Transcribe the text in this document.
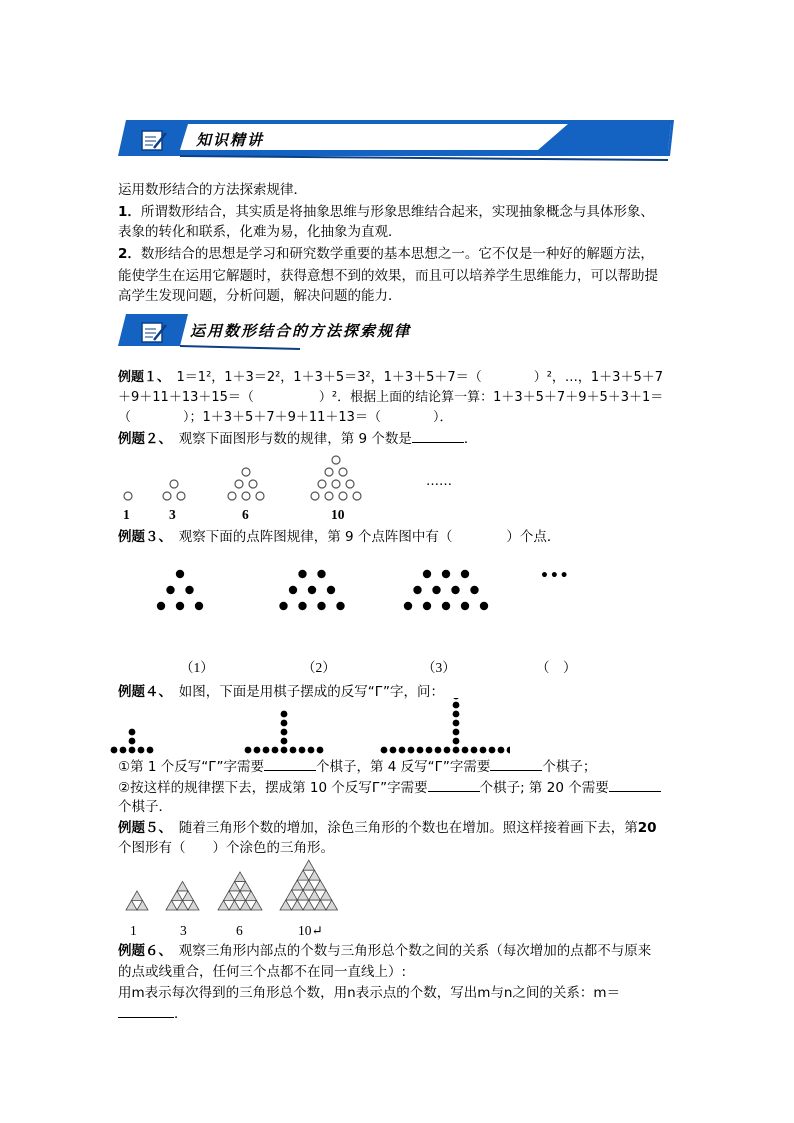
知识精讲
运用数形结合的方法探索规律．
1．所谓数形结合，其实质是将抽象思维与形象思维结合起来，实现抽象概念与具体形象、
表象的转化和联系，化难为易，化抽象为直观．
2．数形结合的思想是学习和研究数学重要的基本思想之一。它不仅是一种好的解题方法，
能使学生在运用它解题时，获得意想不到的效果，而且可以培养学生思维能力，可以帮助提
高学生发现问题，分析问题，解决问题的能力．
运用数形结合的方法探索规律
例题１、　 1＝1²，1＋3＝2²，1＋3＋5＝3²，1＋3＋5＋7＝（　　　　）²，…，1＋3＋5＋7
＋9＋11＋13＋15＝（　　　　　）²．根据上面的结论算一算：1＋3＋5＋7＋9＋5＋3＋1＝
（　　　　）；1＋3＋5＋7＋9＋11＋13＝（　　　　）．
例题２、　 观察下面图形与数的规律，第 9 个数是	．
1	3	6	10
……
例题３、　 观察下面的点阵图规律，第 9 个点阵图中有（　　　　）个点．
• • •
（1）	（2）	（3）	（　）
例题４、　 如图，下面是用棋子摆成的反写“Г”字，问：
①第 1 个反写“Г”字需要	个棋子，第 4 反写“Г”字需要	个棋子；
②按这样的规律摆下去，摆成第 10 个反写Г”字需要	个棋子; 第 20 个需要
个棋子．
例题５、　 随着三角形个数的增加，涂色三角形的个数也在增加。照这样接着画下去，第20
个图形有（　　）个涂色的三角形。
1	3	6	10↵
例题６、　 观察三角形内部点的个数与三角形总个数之间的关系（每次增加的点都不与原来
的点或线重合，任何三个点都不在同一直线上）:
用m表示每次得到的三角形总个数，用n表示点的个数，写出m与n之间的关系：m＝
．
